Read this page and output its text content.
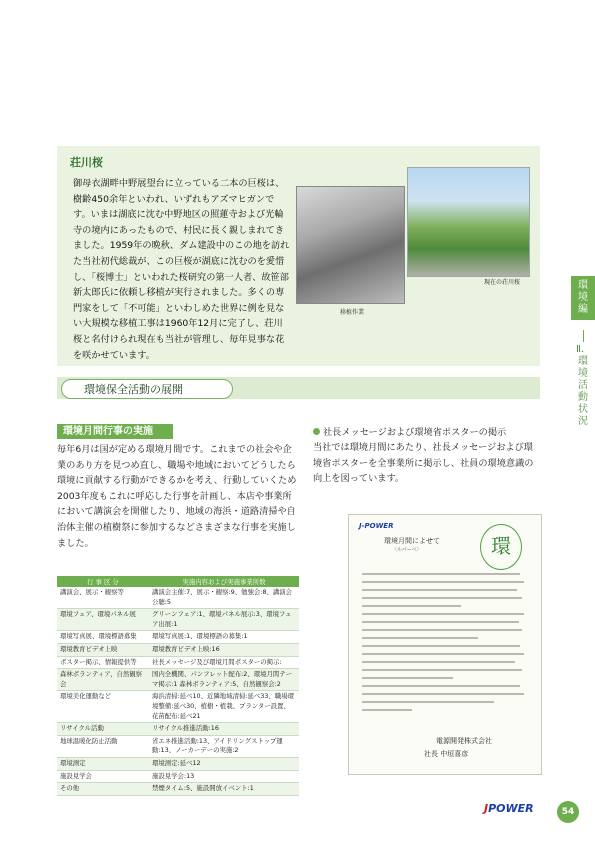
荘川桜

御母衣湖畔中野展望台に立っている二本の巨桜は、樹齢450余年といわれ、いずれもアズマヒガンです。いまは湖底に沈む中野地区の照蓮寺および光輪寺の境内にあったもので、村民に長く親しまれてきました。1959年の晩秋、ダム建設中のこの地を訪れた当社初代総裁が、この巨桜が湖底に沈むのを愛惜し、「桜博士」といわれた桜研究の第一人者、故笹部新太郎氏に依頼し移植が実行されました。多くの専門家をして「不可能」といわしめた世界に例を見ない大規模な移植工事は1960年12月に完了し、荘川桜と名付けられ現在も当社が管理し、毎年見事な花を咲かせています。

移植作業
現在の荘川桜
環境保全活動の展開
環境月間行事の実施

毎年6月は国が定める環境月間です。これまでの社会や企業のあり方を見つめ直し、職場や地域においてどうしたら環境に貢献する行動ができるかを考え、行動していくため2003年度もこれに呼応した行事を計画し、本店や事業所において講演会を開催したり、地域の海浜・道路清掃や自治体主催の植樹祭に参加するなどさまざまな行事を実施しました。

社長メッセージおよび環境省ポスターの掲示

当社では環境月間にあたり、社長メッセージおよび環境省ポスターを全事業所に掲示し、社員の環境意識の向上を図っています。

行 事 区 分	実施内容および実施事業所数
講演会、展示・観察等	講演会主催:7、展示・観察:9、勉強会:8、講演会公聴:5
環境フェア、環境パネル展	グリーンフェア:1、環境パネル展示:3、環境フェア出展:1
環境写真展、環境標語募集	環境写真展:1、環境標語の募集:1
環境教育ビデオ上映	環境教育ビデオ上映:16
ポスター掲示、情報提供等	社長メッセージ及び環境月間ポスターの掲示:
森林ボランティア、自然観察会	国内全機関、パンフレット配布:2、環境月間テーマ掲示:1 森林ボランティア:5、自然観察会:2
環境美化運動など	海浜清掃:延べ10、近隣地域清掃:延べ33、職場環境整備:延べ30、植樹・植栽、プランター設置、花苗配布:延べ21
リサイクル活動	リサイクル推進活動:16
地球温暖化防止活動	省エネ推進活動:13、アイドリングストップ運動:13、ノーカーデーの実施:2
環境測定	環境測定:延べ12
施設見学会	施設見学会:13
その他	禁煙タイム:5、施設開放イベント:1
J-POWER
環境月間によせて
〈ルパーペ〉	環
電源開発株式会社
社長 中垣喜彦
環境編
Ⅱ．環境活動状況
JPOWER	54
